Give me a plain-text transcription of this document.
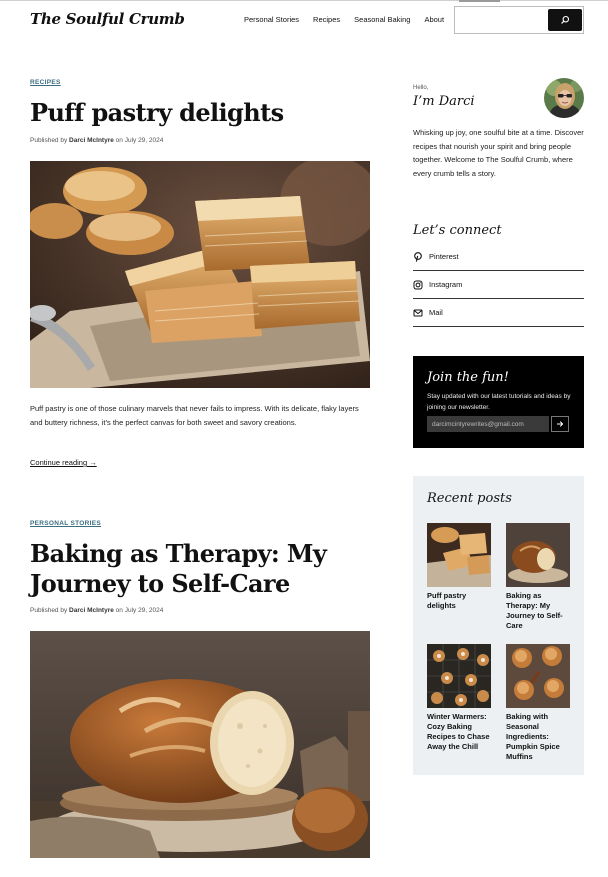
The Soulful Crumb	Personal Stories Recipes Seasonal Baking About
RECIPES
Puff pastry delights
Published by Darci McIntyre on July 29, 2024
Puff pastry is one of those culinary marvels that never fails to impress. With its delicate, flaky layers and buttery richness, it’s the perfect canvas for both sweet and savory creations.
Continue reading →
PERSONAL STORIES
Baking as Therapy: My
Journey to Self-Care
Published by Darci McIntyre on July 29, 2024
Hello,
I’m Darci
Whisking up joy, one soulful bite at a time. Discover recipes that nourish your spirit and bring people together. Welcome to The Soulful Crumb, where every crumb tells a story.
Let’s connect
Pinterest
Instagram
Mail
Join the fun!
Stay updated with our latest tutorials and ideas by joining our newsletter.
darcimcintyrewrites@gmail.com
Recent posts
Puff pastry delights
Baking as Therapy: My Journey to Self-Care
Winter Warmers: Cozy Baking Recipes to Chase Away the Chill
Baking with Seasonal Ingredients: Pumpkin Spice Muffins
